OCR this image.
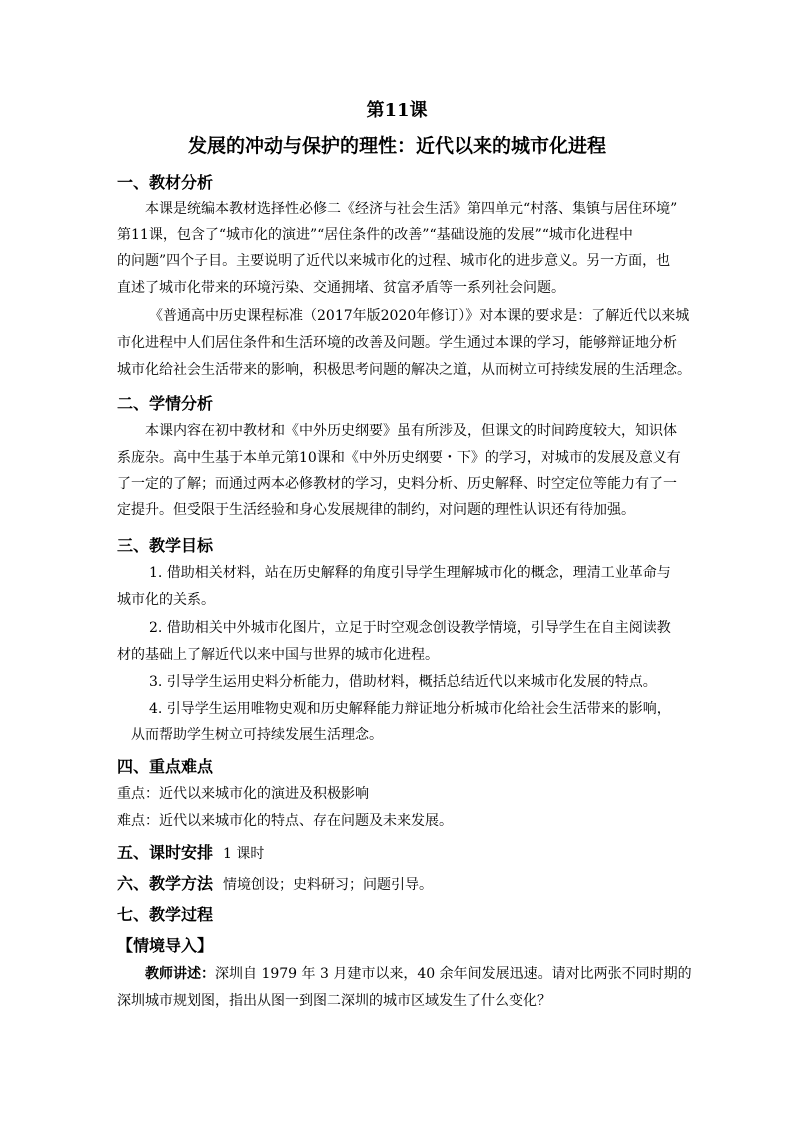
第11课
发展的冲动与保护的理性：近代以来的城市化进程
一、教材分析
本课是统编本教材选择性必修二《经济与社会生活》第四单元“村落、集镇与居住环境”
第11课，包含了“城市化的演进”“居住条件的改善”“基础设施的发展”“城市化进程中
的问题”四个子目。主要说明了近代以来城市化的过程、城市化的进步意义。另一方面，也
直述了城市化带来的环境污染、交通拥堵、贫富矛盾等一系列社会问题。
《普通高中历史课程标准（2017年版2020年修订）》对本课的要求是：了解近代以来城
市化进程中人们居住条件和生活环境的改善及问题。学生通过本课的学习，能够辩证地分析
城市化给社会生活带来的影响，积极思考问题的解决之道，从而树立可持续发展的生活理念。
二、学情分析
本课内容在初中教材和《中外历史纲要》虽有所涉及，但课文的时间跨度较大，知识体
系庞杂。高中生基于本单元第10课和《中外历史纲要・下》的学习，对城市的发展及意义有
了一定的了解；而通过两本必修教材的学习，史料分析、历史解释、时空定位等能力有了一
定提升。但受限于生活经验和身心发展规律的制约，对问题的理性认识还有待加强。
三、教学目标
1. 借助相关材料，站在历史解释的角度引导学生理解城市化的概念，理清工业革命与
城市化的关系。
2. 借助相关中外城市化图片，立足于时空观念创设教学情境，引导学生在自主阅读教
材的基础上了解近代以来中国与世界的城市化进程。
3. 引导学生运用史料分析能力，借助材料，概括总结近代以来城市化发展的特点。
4. 引导学生运用唯物史观和历史解释能力辩证地分析城市化给社会生活带来的影响，
从而帮助学生树立可持续发展生活理念。
四、重点难点
重点：近代以来城市化的演进及积极影响
难点：近代以来城市化的特点、存在问题及未来发展。
五、课时安排 1 课时
六、教学方法 情境创设；史料研习；问题引导。
七、教学过程
【情境导入】
教师讲述：深圳自 1979 年 3 月建市以来，40 余年间发展迅速。请对比两张不同时期的
深圳城市规划图，指出从图一到图二深圳的城市区域发生了什么变化？
